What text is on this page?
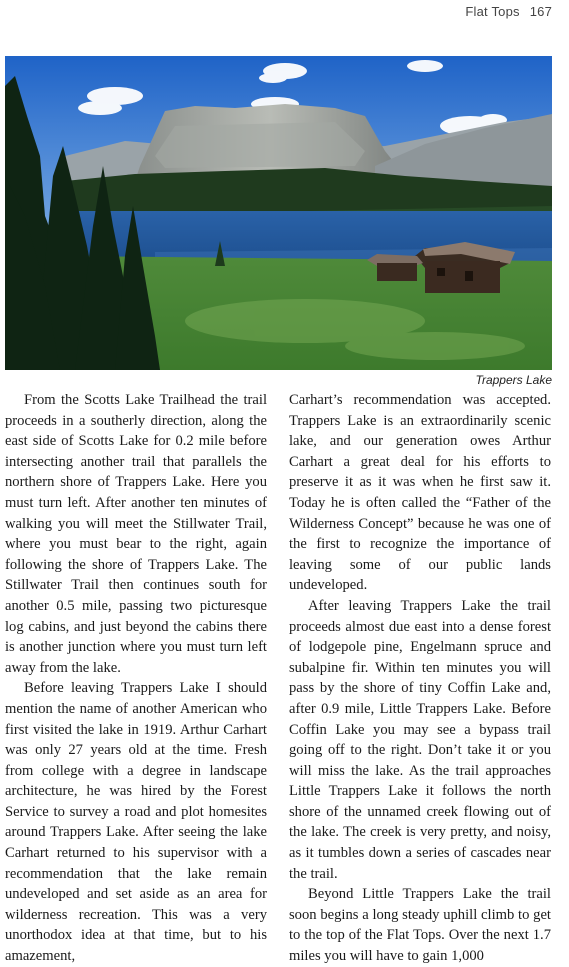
Flat Tops 167
Trappers Lake

From the Scotts Lake Trailhead the trail proceeds in a southerly direction, along the east side of Scotts Lake for 0.2 mile before intersecting another trail that parallels the northern shore of Trappers Lake. Here you must turn left. After another ten minutes of walking you will meet the Stillwater Trail, where you must bear to the right, again following the shore of Trappers Lake. The Stillwater Trail then continues south for another 0.5 mile, passing two picturesque log cabins, and just beyond the cabins there is another junction where you must turn left away from the lake.

Before leaving Trappers Lake I should mention the name of another American who first visited the lake in 1919. Arthur Carhart was only 27 years old at the time. Fresh from college with a degree in landscape architecture, he was hired by the Forest Service to survey a road and plot homesites around Trappers Lake. After seeing the lake Carhart returned to his supervisor with a recommendation that the lake remain undeveloped and set aside as an area for wilderness recreation. This was a very unorthodox idea at that time, but to his amazement,

Carhart’s recommendation was accepted. Trappers Lake is an extraordinarily scenic lake, and our generation owes Arthur Carhart a great deal for his efforts to preserve it as it was when he first saw it. Today he is often called the “Father of the Wilderness Concept” because he was one of the first to recognize the importance of leaving some of our public lands undeveloped.

After leaving Trappers Lake the trail proceeds almost due east into a dense forest of lodgepole pine, Engelmann spruce and subalpine fir. Within ten minutes you will pass by the shore of tiny Coffin Lake and, after 0.9 mile, Little Trappers Lake. Before Coffin Lake you may see a bypass trail going off to the right. Don’t take it or you will miss the lake. As the trail approaches Little Trappers Lake it follows the north shore of the unnamed creek flowing out of the lake. The creek is very pretty, and noisy, as it tumbles down a series of cascades near the trail.

Beyond Little Trappers Lake the trail soon begins a long steady uphill climb to get to the top of the Flat Tops. Over the next 1.7 miles you will have to gain 1,000
